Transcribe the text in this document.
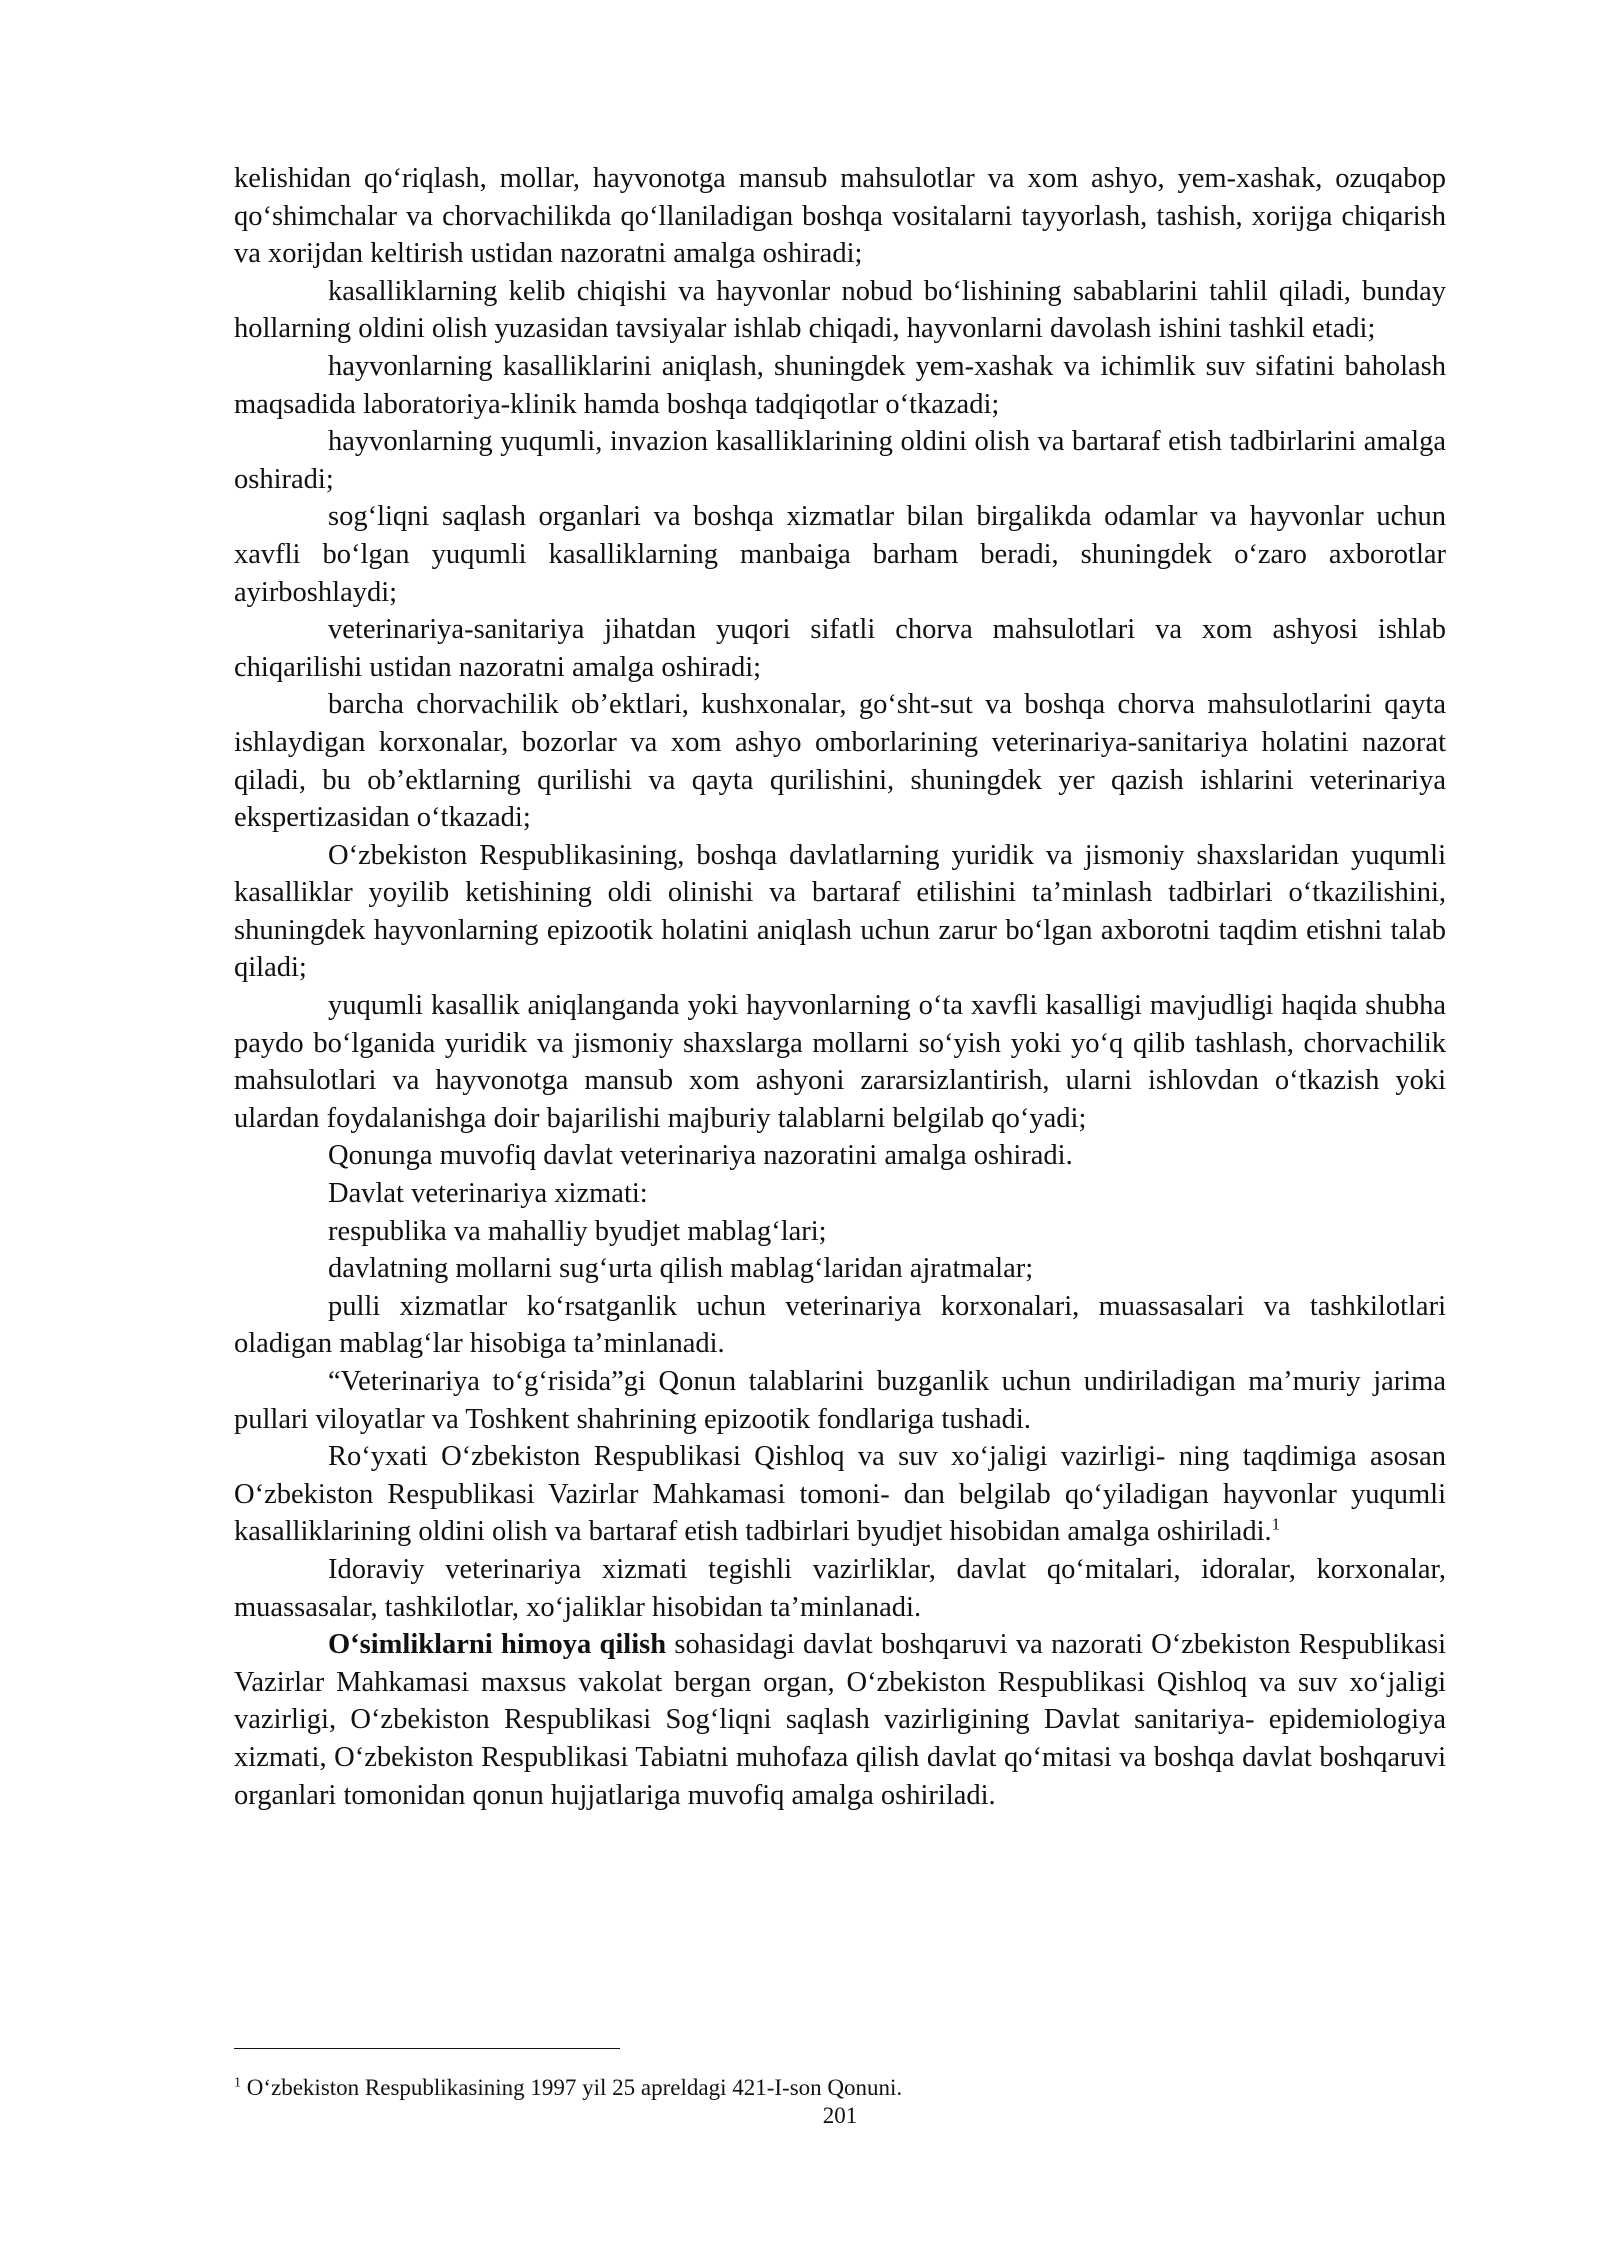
kelishidan qo‘riqlash, mollar, hayvonotga mansub mahsulotlar va xom ashyo, yem-xashak, ozuqabop qo‘shimchalar va chorvachilikda qo‘llaniladigan boshqa vositalarni tayyorlash, tashish, xorijga chiqarish va xorijdan keltirish ustidan nazoratni amalga oshiradi;

kasalliklarning kelib chiqishi va hayvonlar nobud bo‘lishining sabablarini tahlil qiladi, bunday hollarning oldini olish yuzasidan tavsiyalar ishlab chiqadi, hayvonlarni davolash ishini tashkil etadi;

hayvonlarning kasalliklarini aniqlash, shuningdek yem-xashak va ichimlik suv sifatini baholash maqsadida laboratoriya-klinik hamda boshqa tadqiqotlar o‘tkazadi;

hayvonlarning yuqumli, invazion kasalliklarining oldini olish va bartaraf etish tadbirlarini amalga oshiradi;

sog‘liqni saqlash organlari va boshqa xizmatlar bilan birgalikda odamlar va hayvonlar uchun xavfli bo‘lgan yuqumli kasalliklarning manbaiga barham beradi, shuningdek o‘zaro axborotlar ayirboshlaydi;

veterinariya-sanitariya jihatdan yuqori sifatli chorva mahsulotlari va xom ashyosi ishlab chiqarilishi ustidan nazoratni amalga oshiradi;

barcha chorvachilik ob’ektlari, kushxonalar, go‘sht-sut va boshqa chorva mahsulotlarini qayta ishlaydigan korxonalar, bozorlar va xom ashyo omborlarining veterinariya-sanitariya holatini nazorat qiladi, bu ob’ektlarning qurilishi va qayta qurilishini, shuningdek yer qazish ishlarini veterinariya ekspertizasidan o‘tkazadi;

O‘zbekiston Respublikasining, boshqa davlatlarning yuridik va jismoniy shaxslaridan yuqumli kasalliklar yoyilib ketishining oldi olinishi va bartaraf etilishini ta’minlash tadbirlari o‘tkazilishini, shuningdek hayvonlarning epizootik holatini aniqlash uchun zarur bo‘lgan axborotni taqdim etishni talab qiladi;

yuqumli kasallik aniqlanganda yoki hayvonlarning o‘ta xavfli kasalligi mavjudligi haqida shubha paydo bo‘lganida yuridik va jismoniy shaxslarga mollarni so‘yish yoki yo‘q qilib tashlash, chorvachilik mahsulotlari va hayvonotga mansub xom ashyoni zararsizlantirish, ularni ishlovdan o‘tkazish yoki ulardan foydalanishga doir bajarilishi majburiy talablarni belgilab qo‘yadi;

Qonunga muvofiq davlat veterinariya nazoratini amalga oshiradi.

Davlat veterinariya xizmati:

respublika va mahalliy byudjet mablag‘lari;

davlatning mollarni sug‘urta qilish mablag‘laridan ajratmalar;

pulli xizmatlar ko‘rsatganlik uchun veterinariya korxonalari, muassasalari va tashkilotlari oladigan mablag‘lar hisobiga ta’minlanadi.

“Veterinariya to‘g‘risida”gi Qonun talablarini buzganlik uchun undiriladigan ma’muriy jarima pullari viloyatlar va Toshkent shahrining epizootik fondlariga tushadi.

Ro‘yxati O‘zbekiston Respublikasi Qishloq va suv xo‘jaligi vazirligi- ning taqdimiga asosan O‘zbekiston Respublikasi Vazirlar Mahkamasi tomoni- dan belgilab qo‘yiladigan hayvonlar yuqumli kasalliklarining oldini olish va bartaraf etish tadbirlari byudjet hisobidan amalga oshiriladi.$^1$

Idoraviy veterinariya xizmati tegishli vazirliklar, davlat qo‘mitalari, idoralar, korxonalar, muassasalar, tashkilotlar, xo‘jaliklar hisobidan ta’minlanadi.

O‘simliklarni himoya qilish sohasidagi davlat boshqaruvi va nazorati O‘zbekiston Respublikasi Vazirlar Mahkamasi maxsus vakolat bergan organ, O‘zbekiston Respublikasi Qishloq va suv xo‘jaligi vazirligi, O‘zbekiston Respublikasi Sog‘liqni saqlash vazirligining Davlat sanitariya- epidemiologiya xizmati, O‘zbekiston Respublikasi Tabiatni muhofaza qilish davlat qo‘mitasi va boshqa davlat boshqaruvi organlari tomonidan qonun hujjatlariga muvofiq amalga oshiriladi.

$^1$ O‘zbekiston Respublikasining 1997 yil 25 apreldagi 421-I-son Qonuni.

201
